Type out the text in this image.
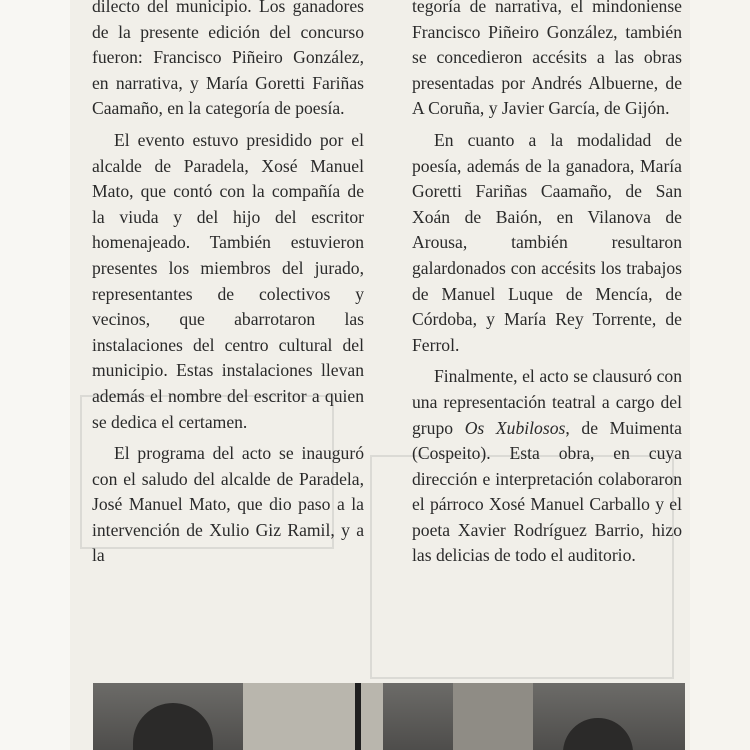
dilecto del municipio. Los ganadores de la presente edición del concurso fueron: Francisco Piñeiro González, en narrativa, y María Goretti Fariñas Caamaño, en la categoría de poesía.

El evento estuvo presidido por el alcalde de Paradela, Xosé Manuel Mato, que contó con la compañía de la viuda y del hijo del escritor homenajeado. También estuvieron presentes los miembros del jurado, representantes de colectivos y vecinos, que abarrotaron las instalaciones del centro cultural del municipio. Estas instalaciones llevan además el nombre del escritor a quien se dedica el certamen.

El programa del acto se inauguró con el saludo del alcalde de Paradela, José Manuel Mato, que dio paso a la intervención de Xulio Giz Ramil, y a la

tegoría de narrativa, el mindoniense Francisco Piñeiro González, también se concedieron accésits a las obras presentadas por Andrés Albuerne, de A Coruña, y Javier García, de Gijón.

En cuanto a la modalidad de poesía, además de la ganadora, María Goretti Fariñas Caamaño, de San Xoán de Baión, en Vilanova de Arousa, también resultaron galardonados con accésits los trabajos de Manuel Luque de Mencía, de Córdoba, y María Rey Torrente, de Ferrol.

Finalmente, el acto se clausuró con una representación teatral a cargo del grupo Os Xubilosos, de Muimenta (Cospeito). Esta obra, en cuya dirección e interpretación colaboraron el párroco Xosé Manuel Carballo y el poeta Xavier Rodríguez Barrio, hizo las delicias de todo el auditorio.
